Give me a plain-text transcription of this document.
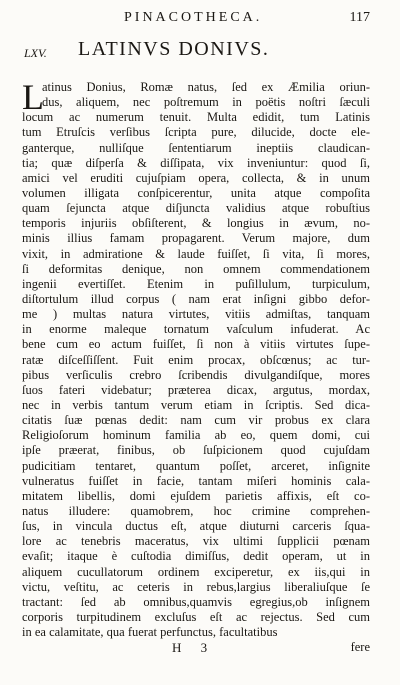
PINACOTHECA.	117
LXV. LATINVS DONIVS.
L
atinus Donius, Romæ natus, ſed ex Æmilia oriun-
dus, aliquem, nec poſtremum in poëtis noſtri ſæculi
locum ac numerum tenuit. Multa edidit, tum Latinis
tum Etruſcis verſibus ſcripta pure, dilucide, docte ele-
ganterque, nulliſque ſententiarum ineptiis claudican-
tia; quæ diſperſa & diſſipata, vix inveniuntur: quod ſi,
amici vel eruditi cujuſpiam opera, collecta, & in unum
volumen illigata conſpicerentur, unita atque compoſita
quam ſejuncta atque diſjuncta validius atque robuſtius
temporis injuriis obſiſterent, & longius in ævum, no-
minis illius famam propagarent. Verum majore, dum
vixit, in admiratione & laude fuiſſet, ſi vita, ſi mores,
ſi deformitas denique, non omnem commendationem
ingenii evertiſſet. Etenim in puſillulum, turpiculum,
diſtortulum illud corpus ( nam erat inſigni gibbo defor-
me ) multas natura virtutes, vitiis admiſtas, tanquam
in enorme maleque tornatum vaſculum infuderat. Ac
bene cum eo actum fuiſſet, ſi non à vitiis virtutes ſupe-
ratæ diſceſſiſſent. Fuit enim procax, obſcœnus; ac tur-
pibus verſiculis crebro ſcribendis divulgandiſque, mores
ſuos fateri videbatur; præterea dicax, argutus, mordax,
nec in verbis tantum verum etiam in ſcriptis. Sed dica-
citatis ſuæ pœnas dedit: nam cum vir probus ex clara
Religioſorum hominum familia ab eo, quem domi, cui
ipſe præerat, finibus, ob ſuſpicionem quod cujuſdam
pudicitiam tentaret, quantum poſſet, arceret, inſignite
vulneratus fuiſſet in facie, tantam miſeri hominis cala-
mitatem libellis, domi ejuſdem parietis affixis, eſt co-
natus illudere: quamobrem, hoc crimine comprehen-
ſus, in vincula ductus eſt, atque diuturni carceris ſqua-
lore ac tenebris maceratus, vix ultimi ſupplicii pœnam
evaſit; itaque è cuſtodia dimiſſus, dedit operam, ut in
aliquem cucullatorum ordinem exciperetur, ex iis,qui in
victu, veſtitu, ac ceteris in rebus,largius liberaliuſque ſe
tractant: ſed ab omnibus,quamvis egregius,ob inſignem
corporis turpitudinem excluſus eſt ac rejectus. Sed cum
in ea calamitate, qua fuerat perfunctus, facultatibus
H 3	fere
